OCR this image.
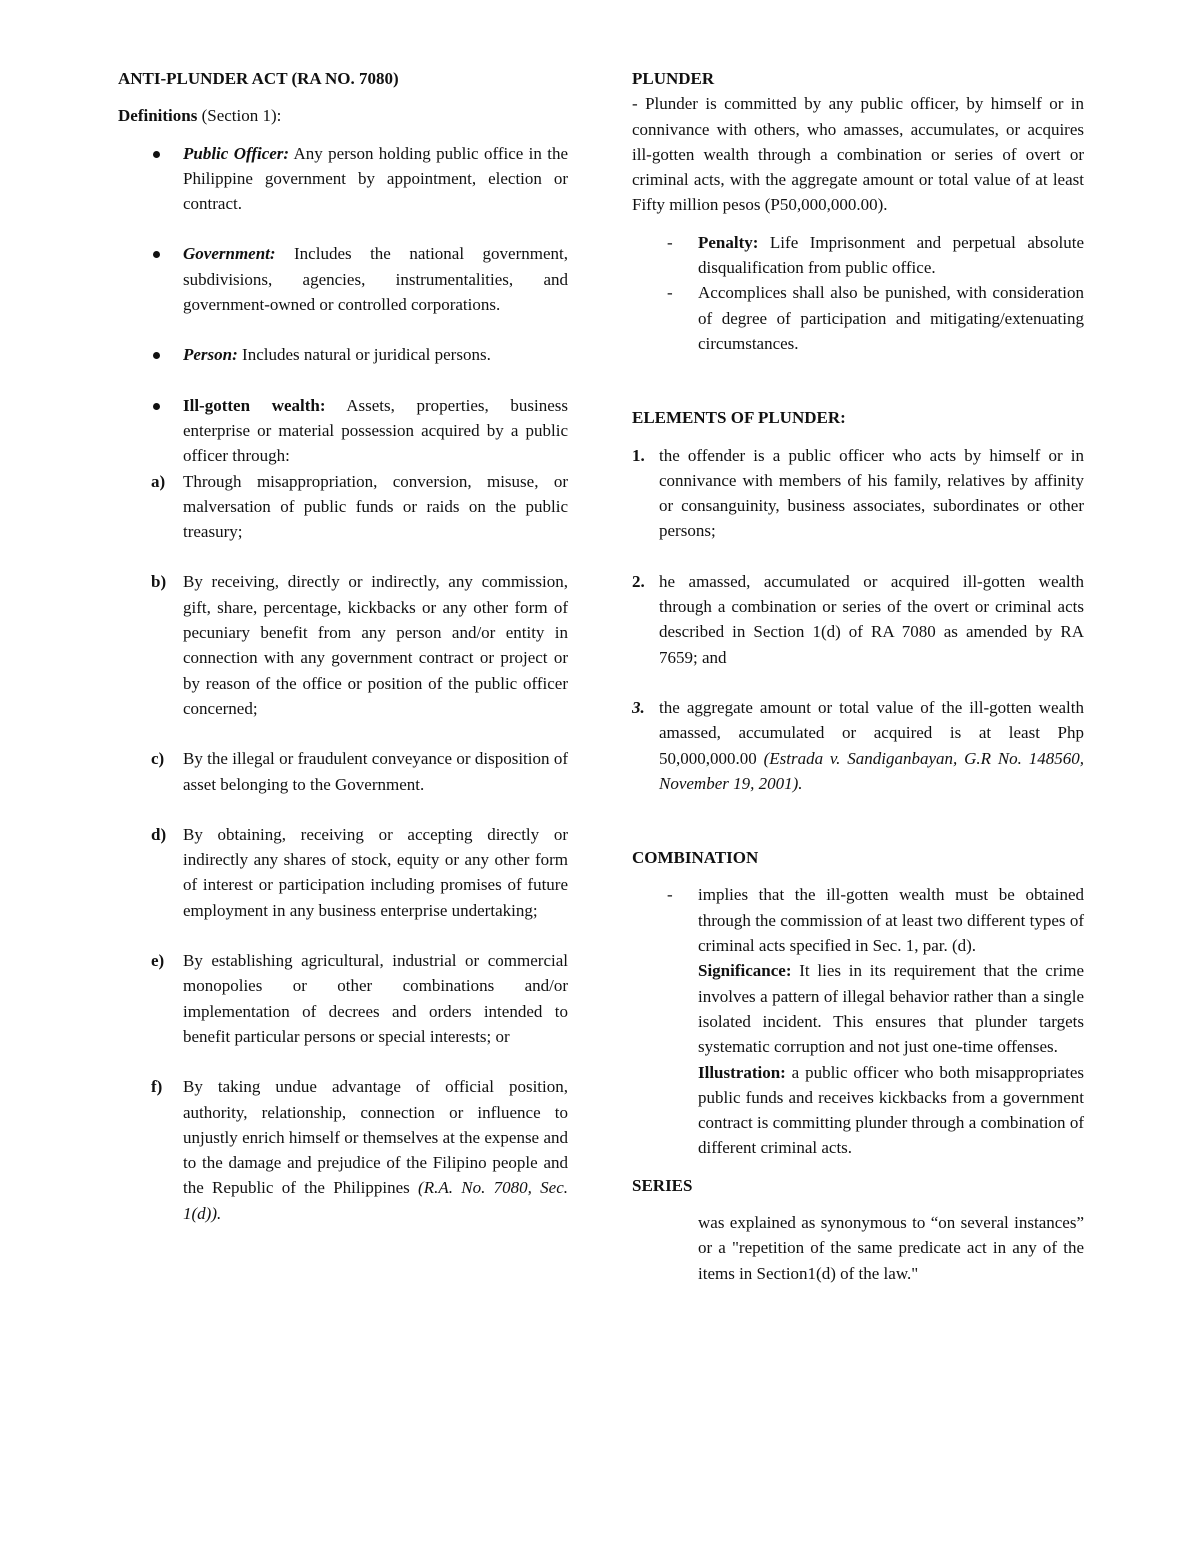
ANTI-PLUNDER ACT (RA NO. 7080)

Definitions (Section 1):

Public Officer: Any person holding public office in the Philippine government by appointment, election or contract.
Government: Includes the national government, subdivisions, agencies, instrumentalities, and government-owned or controlled corporations.
Person: Includes natural or juridical persons.
Ill-gotten wealth: Assets, properties, business enterprise or material possession acquired by a public officer through:
a) Through misappropriation, conversion, misuse, or malversation of public funds or raids on the public treasury;
b) By receiving, directly or indirectly, any commission, gift, share, percentage, kickbacks or any other form of pecuniary benefit from any person and/or entity in connection with any government contract or project or by reason of the office or position of the public officer concerned;
c) By the illegal or fraudulent conveyance or disposition of asset belonging to the Government.
d) By obtaining, receiving or accepting directly or indirectly any shares of stock, equity or any other form of interest or participation including promises of future employment in any business enterprise undertaking;
e) By establishing agricultural, industrial or commercial monopolies or other combinations and/or implementation of decrees and orders intended to benefit particular persons or special interests; or
f) By taking undue advantage of official position, authority, relationship, connection or influence to unjustly enrich himself or themselves at the expense and to the damage and prejudice of the Filipino people and the Republic of the Philippines (R.A. No. 7080, Sec. 1(d)).

PLUNDER

- Plunder is committed by any public officer, by himself or in connivance with others, who amasses, accumulates, or acquires ill-gotten wealth through a combination or series of overt or criminal acts, with the aggregate amount or total value of at least Fifty million pesos (P50,000,000.00).

- Penalty: Life Imprisonment and perpetual absolute disqualification from public office.
- Accomplices shall also be punished, with consideration of degree of participation and mitigating/extenuating circumstances.

ELEMENTS OF PLUNDER:

1. the offender is a public officer who acts by himself or in connivance with members of his family, relatives by affinity or consanguinity, business associates, subordinates or other persons;
2. he amassed, accumulated or acquired ill-gotten wealth through a combination or series of the overt or criminal acts described in Section 1(d) of RA 7080 as amended by RA 7659; and
3. the aggregate amount or total value of the ill-gotten wealth amassed, accumulated or acquired is at least Php 50,000,000.00 (Estrada v. Sandiganbayan, G.R No. 148560, November 19, 2001).

COMBINATION

- implies that the ill-gotten wealth must be obtained through the commission of at least two different types of criminal acts specified in Sec. 1, par. (d).
Significance: It lies in its requirement that the crime involves a pattern of illegal behavior rather than a single isolated incident. This ensures that plunder targets systematic corruption and not just one-time offenses.
Illustration: a public officer who both misappropriates public funds and receives kickbacks from a government contract is committing plunder through a combination of different criminal acts.

SERIES

was explained as synonymous to “on several instances” or a "repetition of the same predicate act in any of the items in Section1(d) of the law."
